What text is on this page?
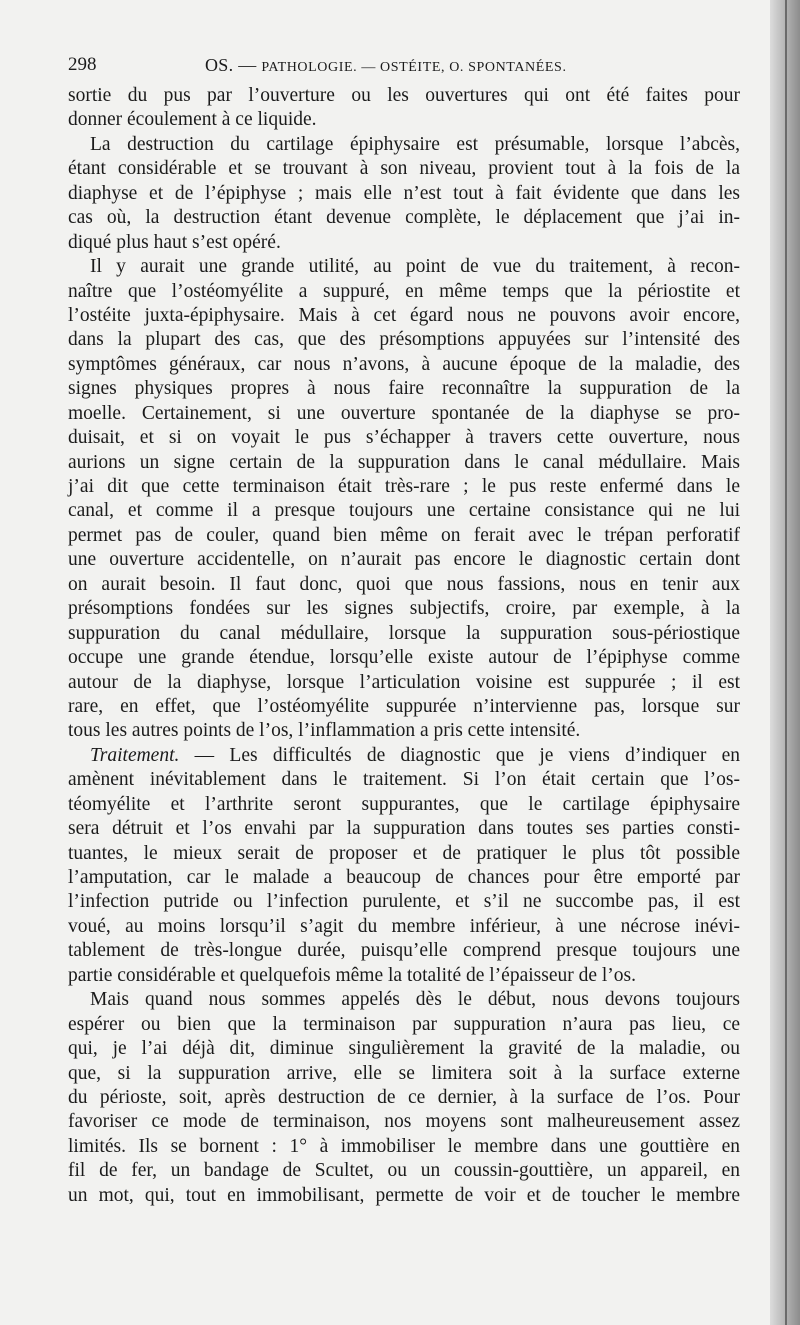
298	OS. — PATHOLOGIE. — OSTÉITE, O. SPONTANÉES.
sortie du pus par l’ouverture ou les ouvertures qui ont été faites pour
donner écoulement à ce liquide.
La destruction du cartilage épiphysaire est présumable, lorsque l’abcès,
étant considérable et se trouvant à son niveau, provient tout à la fois de la
diaphyse et de l’épiphyse ; mais elle n’est tout à fait évidente que dans les
cas où, la destruction étant devenue complète, le déplacement que j’ai in-
diqué plus haut s’est opéré.
Il y aurait une grande utilité, au point de vue du traitement, à recon-
naître que l’ostéomyélite a suppuré, en même temps que la périostite et
l’ostéite juxta-épiphysaire. Mais à cet égard nous ne pouvons avoir encore,
dans la plupart des cas, que des présomptions appuyées sur l’intensité des
symptômes généraux, car nous n’avons, à aucune époque de la maladie, des
signes physiques propres à nous faire reconnaître la suppuration de la
moelle. Certainement, si une ouverture spontanée de la diaphyse se pro-
duisait, et si on voyait le pus s’échapper à travers cette ouverture, nous
aurions un signe certain de la suppuration dans le canal médullaire. Mais
j’ai dit que cette terminaison était très-rare ; le pus reste enfermé dans le
canal, et comme il a presque toujours une certaine consistance qui ne lui
permet pas de couler, quand bien même on ferait avec le trépan perforatif
une ouverture accidentelle, on n’aurait pas encore le diagnostic certain dont
on aurait besoin. Il faut donc, quoi que nous fassions, nous en tenir aux
présomptions fondées sur les signes subjectifs, croire, par exemple, à la
suppuration du canal médullaire, lorsque la suppuration sous-périostique
occupe une grande étendue, lorsqu’elle existe autour de l’épiphyse comme
autour de la diaphyse, lorsque l’articulation voisine est suppurée ; il est
rare, en effet, que l’ostéomyélite suppurée n’intervienne pas, lorsque sur
tous les autres points de l’os, l’inflammation a pris cette intensité.
Traitement. — Les difficultés de diagnostic que je viens d’indiquer en
amènent inévitablement dans le traitement. Si l’on était certain que l’os-
téomyélite et l’arthrite seront suppurantes, que le cartilage épiphysaire
sera détruit et l’os envahi par la suppuration dans toutes ses parties consti-
tuantes, le mieux serait de proposer et de pratiquer le plus tôt possible
l’amputation, car le malade a beaucoup de chances pour être emporté par
l’infection putride ou l’infection purulente, et s’il ne succombe pas, il est
voué, au moins lorsqu’il s’agit du membre inférieur, à une nécrose inévi-
tablement de très-longue durée, puisqu’elle comprend presque toujours une
partie considérable et quelquefois même la totalité de l’épaisseur de l’os.
Mais quand nous sommes appelés dès le début, nous devons toujours
espérer ou bien que la terminaison par suppuration n’aura pas lieu, ce
qui, je l’ai déjà dit, diminue singulièrement la gravité de la maladie, ou
que, si la suppuration arrive, elle se limitera soit à la surface externe
du périoste, soit, après destruction de ce dernier, à la surface de l’os. Pour
favoriser ce mode de terminaison, nos moyens sont malheureusement assez
limités. Ils se bornent : 1° à immobiliser le membre dans une gouttière en
fil de fer, un bandage de Scultet, ou un coussin-gouttière, un appareil, en
un mot, qui, tout en immobilisant, permette de voir et de toucher le membre
